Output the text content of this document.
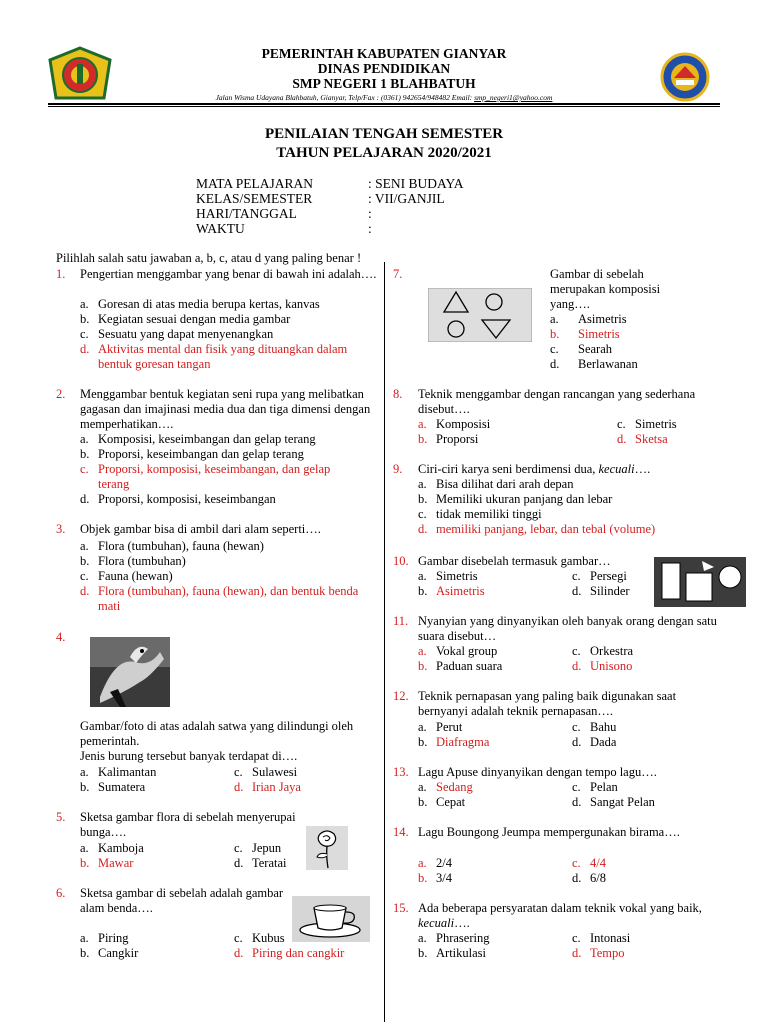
PEMERINTAH KABUPATEN GIANYAR
DINAS PENDIDIKAN
SMP NEGERI 1 BLAHBATUH
Jalan Wisma Udayana Blahbatuh, Gianyar, Telp/Fax : (0361) 942654/948482 Email: smp_negeri1@yahoo.com
PENILAIAN TENGAH SEMESTER
TAHUN PELAJARAN 2020/2021
MATA PELAJARAN	: SENI BUDAYA
KELAS/SEMESTER	: VII/GANJIL
HARI/TANGGAL	:
WAKTU	:
Pilihlah salah satu jawaban a, b, c, atau d yang paling benar !
1. Pengertian menggambar yang benar di bawah ini adalah….
a. Goresan di atas media berupa kertas, kanvas
b. Kegiatan sesuai dengan media gambar
c. Sesuatu yang dapat menyenangkan
d. Aktivitas mental dan fisik yang dituangkan dalam bentuk goresan tangan
2. Menggambar bentuk kegiatan seni rupa yang melibatkan gagasan dan imajinasi media dua dan tiga dimensi dengan memperhatikan….
a. Komposisi, keseimbangan dan gelap terang
b. Proporsi, keseimbangan dan gelap terang
c. Proporsi, komposisi, keseimbangan, dan gelap terang
d. Proporsi, komposisi, keseimbangan
3. Objek gambar bisa di ambil dari alam seperti….
a. Flora (tumbuhan), fauna (hewan)
b. Flora (tumbuhan)
c. Fauna (hewan)
d. Flora (tumbuhan), fauna (hewan), dan bentuk benda mati
4.
Gambar/foto di atas adalah satwa yang dilindungi oleh pemerintah.
Jenis burung tersebut banyak terdapat di….
a. Kalimantan
b. Sumatera
c. Sulawesi
d. Irian Jaya
5. Sketsa gambar flora di sebelah menyerupai bunga….
a. Kamboja
b. Mawar
c. Jepun
d. Teratai
6. Sketsa gambar di sebelah adalah gambar alam benda….
a. Piring
b. Cangkir
c. Kubus
d. Piring dan cangkir
7.	Gambar di sebelah merupakan komposisi yang….
a. Asimetris
b. Simetris
c. Searah
d. Berlawanan
8. Teknik menggambar dengan rancangan yang sederhana disebut….
a. Komposisi
b. Proporsi
c. Simetris
d. Sketsa
9. Ciri-ciri karya seni berdimensi dua, kecuali….
a. Bisa dilihat dari arah depan
b. Memiliki ukuran panjang dan lebar
c. tidak memiliki tinggi
d. memiliki panjang, lebar, dan tebal (volume)
10. Gambar disebelah termasuk gambar…
a. Simetris
b. Asimetris
c. Persegi
d. Silinder
11. Nyanyian yang dinyanyikan oleh banyak orang dengan satu suara disebut…
a. Vokal group
b. Paduan suara
c. Orkestra
d. Unisono
12. Teknik pernapasan yang paling baik digunakan saat bernyanyi adalah teknik pernapasan….
a. Perut
b. Diafragma
c. Bahu
d. Dada
13. Lagu Apuse dinyanyikan dengan tempo lagu….
a. Sedang
b. Cepat
c. Pelan
d. Sangat Pelan
14. Lagu Boungong Jeumpa mempergunakan birama….
a. 2/4
b. 3/4
c. 4/4
d. 6/8
15. Ada beberapa persyaratan dalam teknik vokal yang baik, kecuali….
a. Phrasering
b. Artikulasi
c. Intonasi
d. Tempo
